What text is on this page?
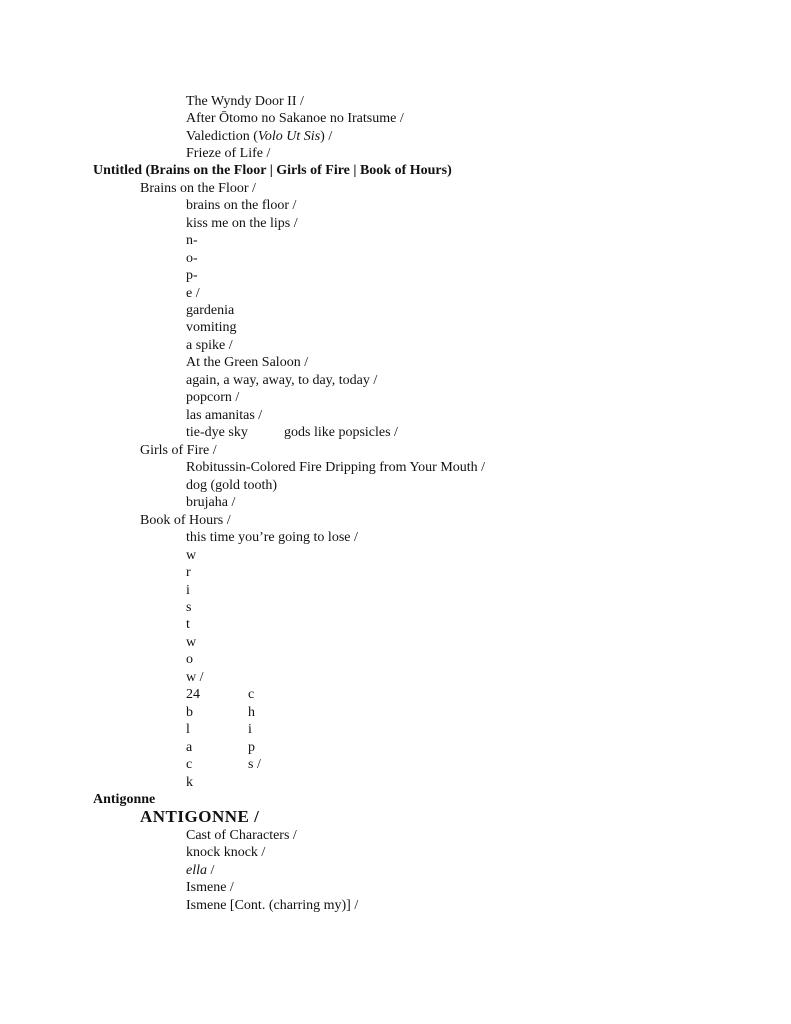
The Wyndy Door II /
After Ōtomo no Sakanoe no Iratsume /
Valediction (Volo Ut Sis) /
Frieze of Life /
Untitled (Brains on the Floor | Girls of Fire | Book of Hours)
Brains on the Floor /
brains on the floor /
kiss me on the lips /
n-
o-
p-
e /
gardenia
vomiting
a spike /
At the Green Saloon /
again, a way, away, to day, today /
popcorn /
las amanitas /
tie-dye sky	gods like popsicles /
Girls of Fire /
Robitussin-Colored Fire Dripping from Your Mouth /
dog (gold tooth)
brujaha /
Book of Hours /
this time you’re going to lose /
w
r
i
s
t
w
o
w /
24
b
l
a
c
k
c
h
i
p
s /
Antigonne
ANTIGONNE /
Cast of Characters /
knock knock /
ella /
Ismene /
Ismene [Cont. (charring my)] /
